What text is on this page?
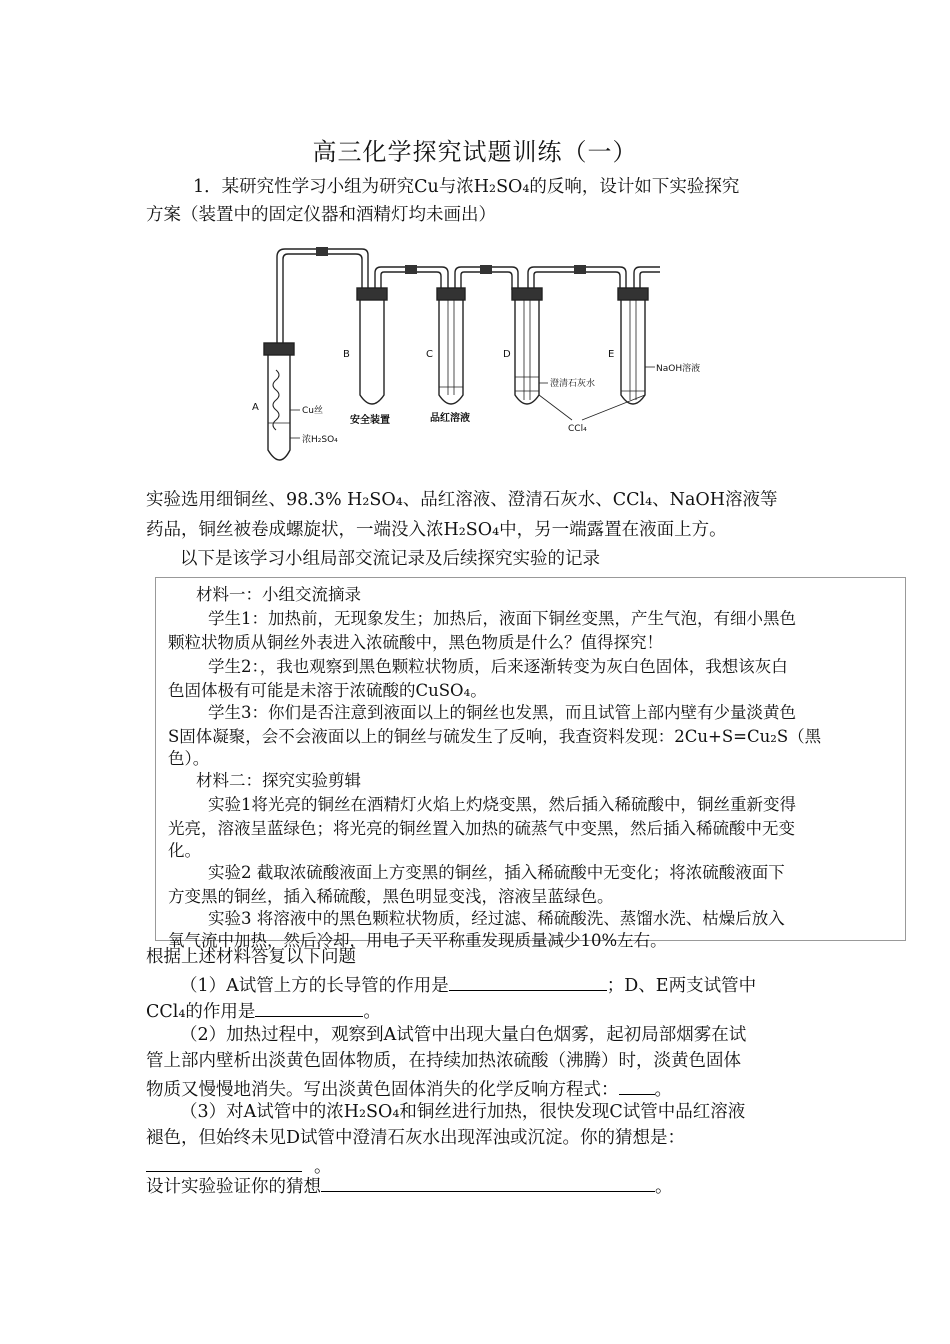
高三化学探究试题训练（一）
1．某研究性学习小组为研究Cu与浓H₂SO₄的反响，设计如下实验探究
方案（装置中的固定仪器和酒精灯均未画出）
A
B	C	D	E
Cu丝
浓H₂SO₄
安全装置	品红溶液
澄清石灰水
CCl₄
NaOH溶液
实验选用细铜丝、98.3% H₂SO₄、品红溶液、澄清石灰水、CCl₄、NaOH溶液等
药品，铜丝被卷成螺旋状，一端没入浓H₂SO₄中，另一端露置在液面上方。
以下是该学习小组局部交流记录及后续探究实验的记录
材料一：小组交流摘录
学生1：加热前，无现象发生；加热后，液面下铜丝变黑，产生气泡，有细小黑色
颗粒状物质从铜丝外表进入浓硫酸中，黑色物质是什么？值得探究！
学生2：，我也观察到黑色颗粒状物质，后来逐渐转变为灰白色固体，我想该灰白
色固体极有可能是未溶于浓硫酸的CuSO₄。
学生3：你们是否注意到液面以上的铜丝也发黑，而且试管上部内壁有少量淡黄色
S固体凝聚，会不会液面以上的铜丝与硫发生了反响，我查资料发现：2Cu+S=Cu₂S（黑
色）。
材料二：探究实验剪辑
实验1将光亮的铜丝在酒精灯火焰上灼烧变黑，然后插入稀硫酸中，铜丝重新变得
光亮，溶液呈蓝绿色；将光亮的铜丝置入加热的硫蒸气中变黑，然后插入稀硫酸中无变
化。
实验2 截取浓硫酸液面上方变黑的铜丝，插入稀硫酸中无变化；将浓硫酸液面下
方变黑的铜丝，插入稀硫酸，黑色明显变浅，溶液呈蓝绿色。
实验3 将溶液中的黑色颗粒状物质，经过滤、稀硫酸洗、蒸馏水洗、枯燥后放入
氧气流中加热，然后冷却，用电子天平称重发现质量减少10%左右。
根据上述材料答复以下问题
（1）A试管上方的长导管的作用是	；D、E两支试管中
CCl₄的作用是	。
（2）加热过程中，观察到A试管中出现大量白色烟雾，起初局部烟雾在试
管上部内壁析出淡黄色固体物质，在持续加热浓硫酸（沸腾）时，淡黄色固体
物质又慢慢地消失。写出淡黄色固体消失的化学反响方程式： 。
（3）对A试管中的浓H₂SO₄和铜丝进行加热，很快发现C试管中品红溶液
褪色，但始终未见D试管中澄清石灰水出现浑浊或沉淀。你的猜想是：
。
设计实验验证你的猜想	。
